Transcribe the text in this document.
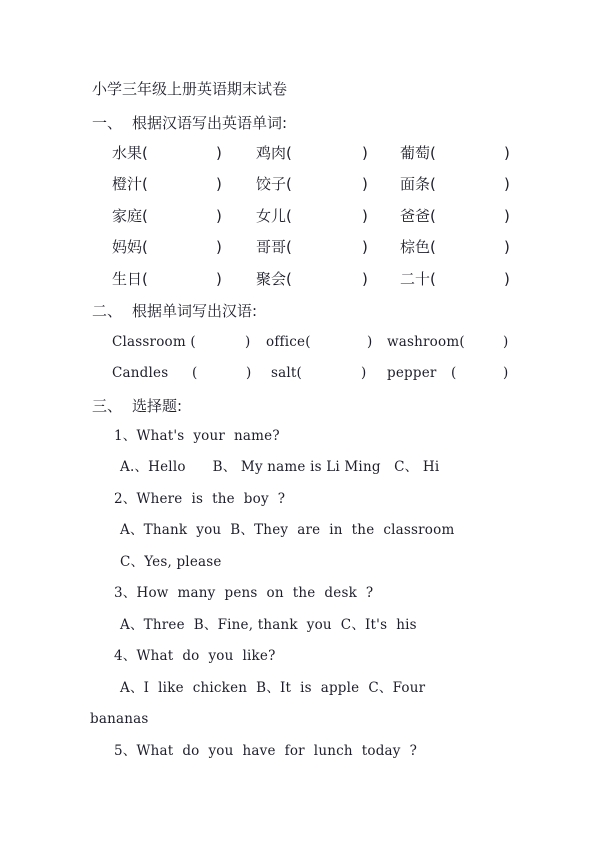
小学三年级上册英语期末试卷
一、 根据汉语写出英语单词:
水果(	) 鸡肉(	) 葡萄(	)
橙汁(	) 饺子(	) 面条(	)
家庭(	) 女儿(	) 爸爸(	)
妈妈(	) 哥哥(	) 棕色(	)
生日(	) 聚会(	) 二十(	)
二、 根据单词写出汉语:
Classroom (	) office(	) washroom(	)
Candles (	) salt(	) pepper (	)
三、 选择题:
1、What's  your  name?
A.、Hello      B、 My name is Li Ming   C、 Hi
2、Where  is  the  boy  ?
A、Thank  you  B、They  are  in  the  classroom
C、Yes, please
3、How  many  pens  on  the  desk  ?
A、Three  B、Fine, thank  you  C、It's  his
4、What  do  you  like?
A、I  like  chicken  B、It  is  apple  C、Four
bananas
5、What  do  you  have  for  lunch  today  ?
